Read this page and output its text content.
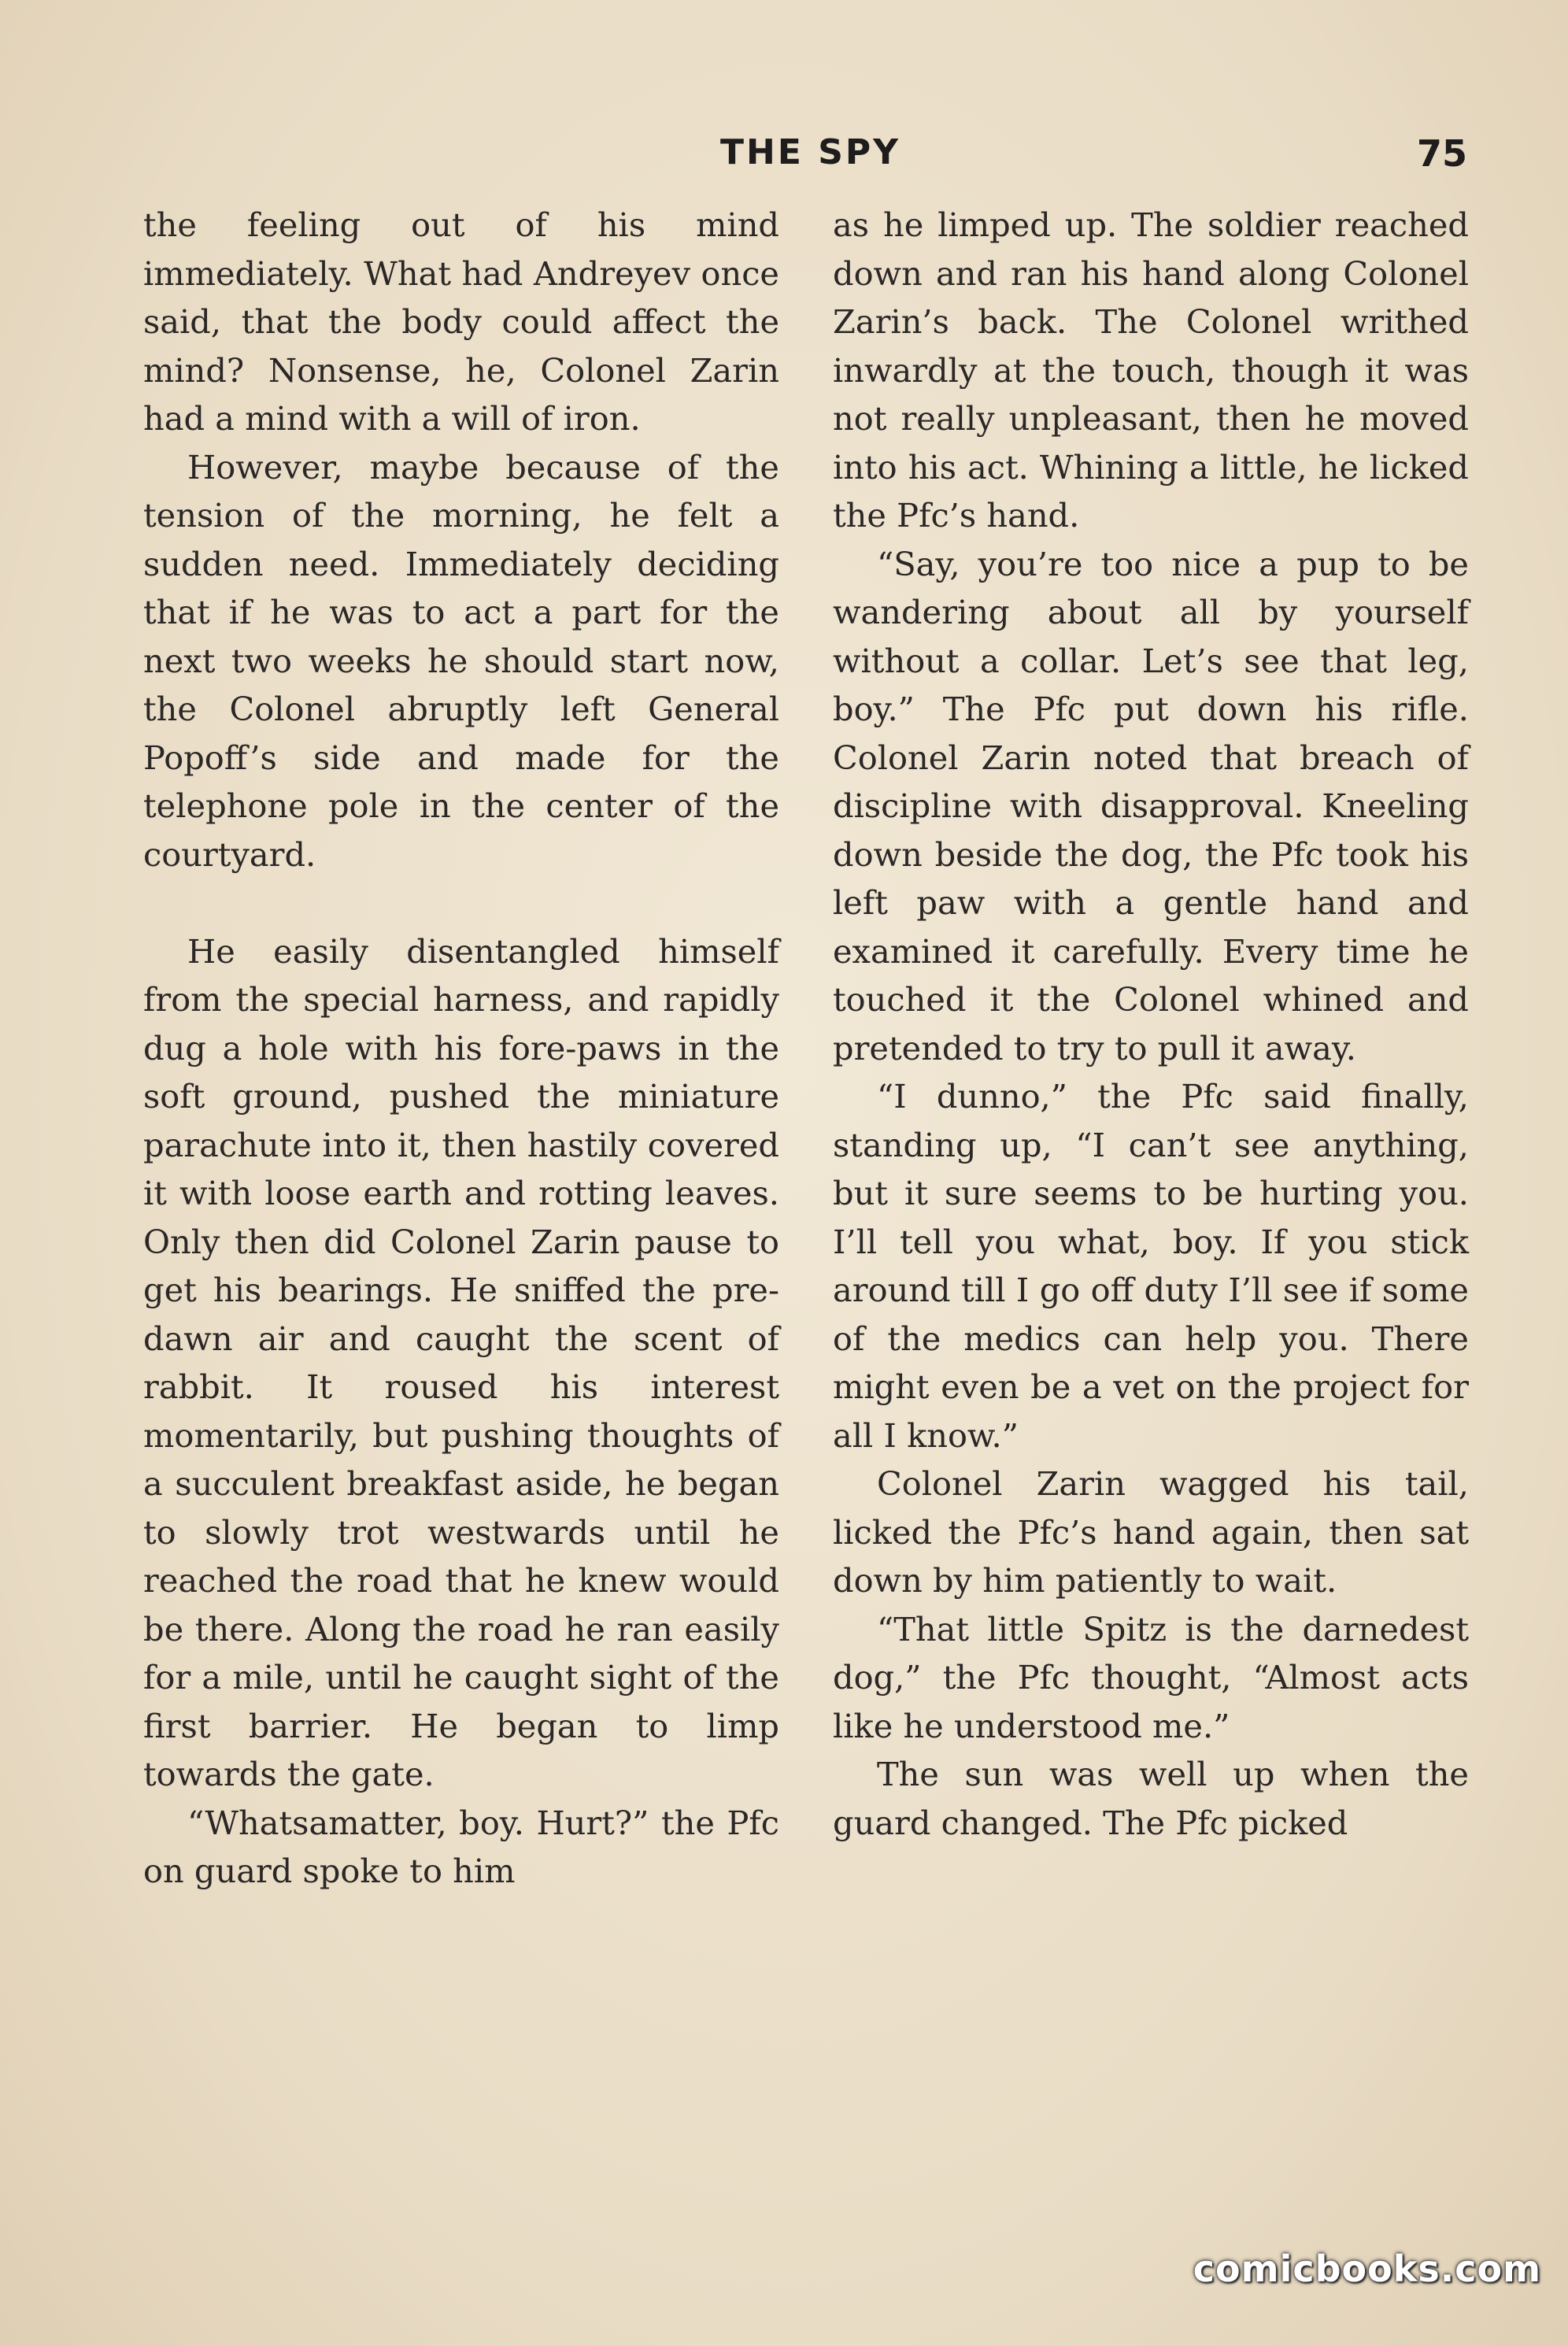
THE SPY	75

the feeling out of his mind immediately. What had Andreyev once said, that the body could affect the mind? Nonsense, he, Colonel Zarin had a mind with a will of iron.

However, maybe because of the tension of the morning, he felt a sudden need. Immediately deciding that if he was to act a part for the next two weeks he should start now, the Colonel abruptly left General Popoff’s side and made for the telephone pole in the center of the courtyard.

He easily disentangled himself from the special harness, and rapidly dug a hole with his fore-paws in the soft ground, pushed the miniature parachute into it, then hastily covered it with loose earth and rotting leaves. Only then did Colonel Zarin pause to get his bearings. He sniffed the pre-dawn air and caught the scent of rabbit. It roused his interest momentarily, but pushing thoughts of a succulent breakfast aside, he began to slowly trot westwards until he reached the road that he knew would be there. Along the road he ran easily for a mile, until he caught sight of the first barrier. He began to limp towards the gate.

“Whatsamatter, boy. Hurt?” the Pfc on guard spoke to him

as he limped up. The soldier reached down and ran his hand along Colonel Zarin’s back. The Colonel writhed inwardly at the touch, though it was not really unpleasant, then he moved into his act. Whining a little, he licked the Pfc’s hand.

“Say, you’re too nice a pup to be wandering about all by yourself without a collar. Let’s see that leg, boy.” The Pfc put down his rifle. Colonel Zarin noted that breach of discipline with disapproval. Kneeling down beside the dog, the Pfc took his left paw with a gentle hand and examined it carefully. Every time he touched it the Colonel whined and pretended to try to pull it away.

“I dunno,” the Pfc said finally, standing up, “I can’t see anything, but it sure seems to be hurting you. I’ll tell you what, boy. If you stick around till I go off duty I’ll see if some of the medics can help you. There might even be a vet on the project for all I know.”

Colonel Zarin wagged his tail, licked the Pfc’s hand again, then sat down by him patiently to wait.

“That little Spitz is the darnedest dog,” the Pfc thought, “Almost acts like he understood me.”

The sun was well up when the guard changed. The Pfc picked

comicbooks.com
